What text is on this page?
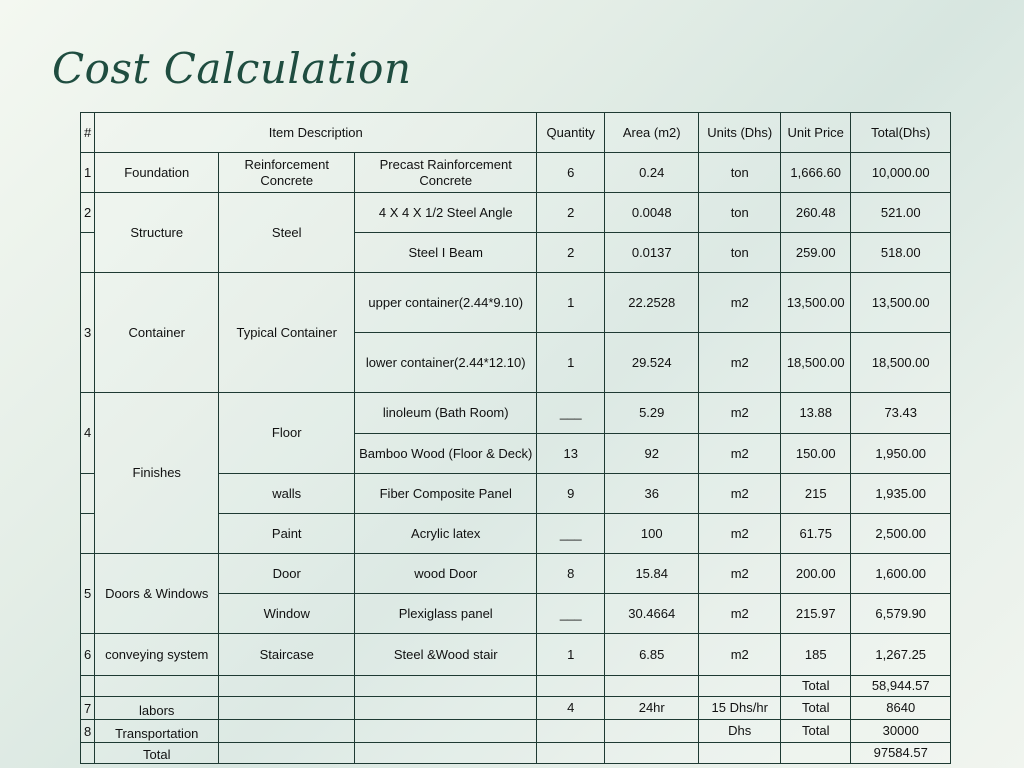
Cost Calculation
#	Item Description			Quantity	Area (m2)	Units (Dhs)	Unit Price	Total(Dhs)
1	Foundation	Reinforcement Concrete	Precast Rainforcement Concrete	6	0.24	ton	1,666.60	10,000.00
2	Structure	Steel	4 X 4 X 1/2 Steel Angle	2	0.0048	ton	260.48	521.00
			Steel I Beam	2	0.0137	ton	259.00	518.00
3	Container	Typical Container	upper container(2.44*9.10)	1	22.2528	m2	13,500.00	13,500.00
			lower container(2.44*12.10)	1	29.524	m2	18,500.00	18,500.00
4	Finishes	Floor	linoleum (Bath Room)	___	5.29	m2	13.88	73.43
			Bamboo Wood (Floor & Deck)	13	92	m2	150.00	1,950.00
		walls	Fiber Composite Panel	9	36	m2	215	1,935.00
		Paint	Acrylic latex	___	100	m2	61.75	2,500.00
5	Doors & Windows	Door	wood Door	8	15.84	m2	200.00	1,600.00
		Window	Plexiglass panel	___	30.4664	m2	215.97	6,579.90
6	conveying system	Staircase	Steel &Wood stair	1	6.85	m2	185	1,267.25
							Total	58,944.57
7	labors			4	24hr	15 Dhs/hr	Total	8640
8	Transportation					Dhs	Total	30000
	Total							97584.57
